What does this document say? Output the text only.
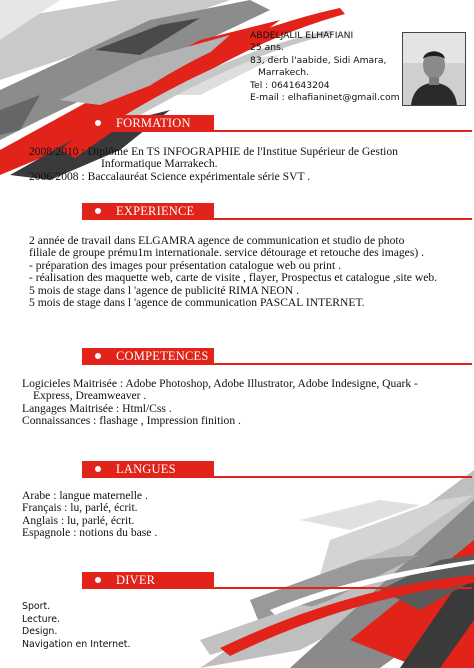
ABDELJALIL ELHAFIANI
25 ans.
83, derb l'aabide, Sidi Amara,
Marrakech.
Tel : 0641643204
E-mail : elhafianinet@gmail.com
FORMATION
2008/2010 : Diplôme En TS INFOGRAPHIE de l'Institue Supérieur de Gestion
Informatique Marrakech.
2006/2008 : Baccalauréat Science expérimentale série SVT .
EXPERIENCE
2 année de travail dans ELGAMRA agence de communication et studio de photo
filiale de groupe prému1m internationale. service détourage et retouche des images) .
- préparation des images pour présentation catalogue web ou print .
- réalisation des maquette web, carte de visite , flayer, Prospectus et catalogue ,site web.
5 mois de stage dans l 'agence de publicité RIMA NEON .
5 mois de stage dans l 'agence de communication PASCAL INTERNET.
COMPETENCES
Logicieles Maitrisée : Adobe Photoshop, Adobe Illustrator, Adobe Indesigne, Quark -
Express, Dreamweaver .
Langages Maitrisée : Html/Css .
Connaissances : flashage , Impression finition .
LANGUES
Arabe : langue maternelle .
Français : lu, parlé, écrit.
Anglais : lu, parlé, écrit.
Espagnole : notions du base .
DIVER
Sport.
Lecture.
Design.
Navigation en Internet.
